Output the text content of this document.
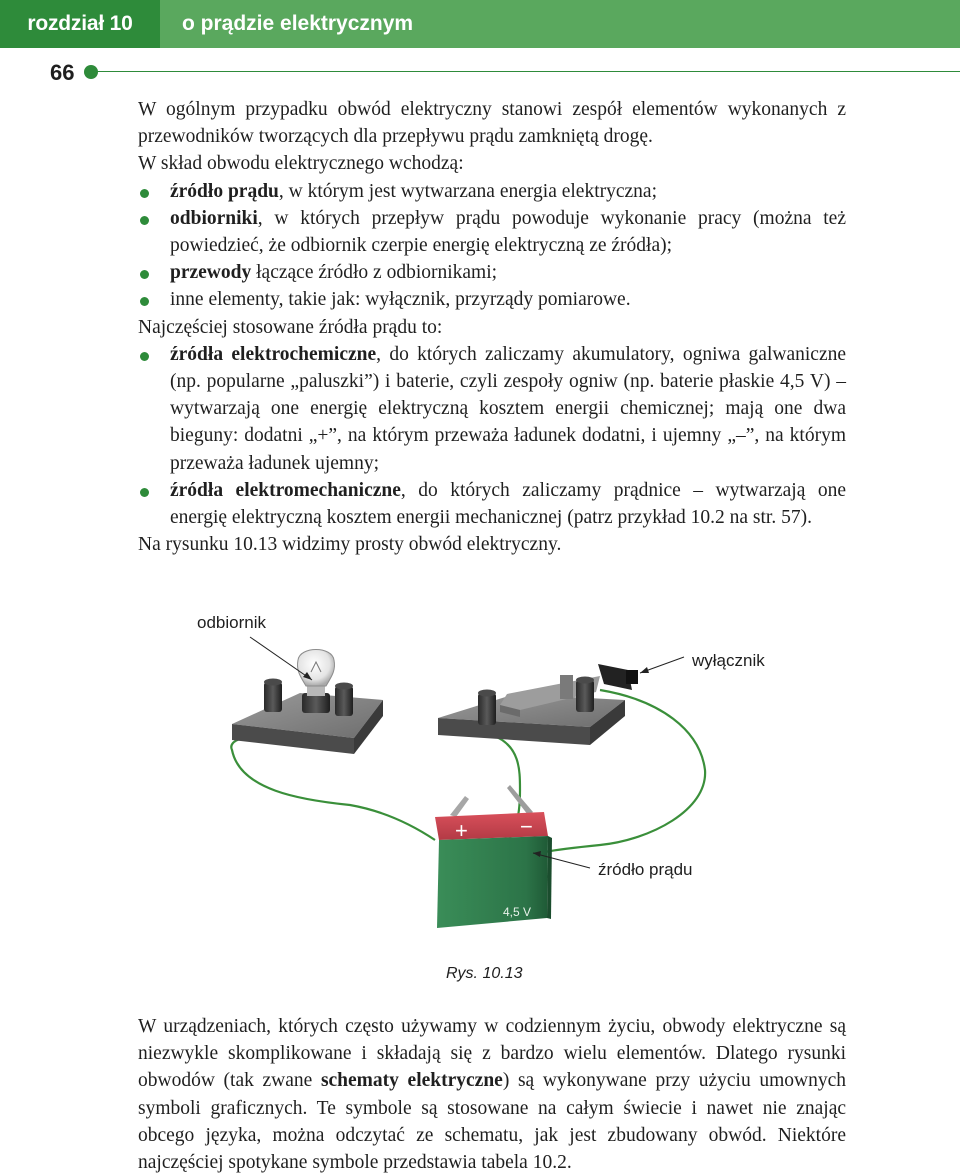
rozdział 10	o prądzie elektrycznym
66

W ogólnym przypadku obwód elektryczny stanowi zespół elementów wykonanych z przewodników tworzących dla przepływu prądu zamkniętą drogę.

W skład obwodu elektrycznego wchodzą:

źródło prądu, w którym jest wytwarzana energia elektryczna;
odbiorniki, w których przepływ prądu powoduje wykonanie pracy (można też powiedzieć, że odbiornik czerpie energię elektryczną ze źródła);
przewody łączące źródło z odbiornikami;
inne elementy, takie jak: wyłącznik, przyrządy pomiarowe.

Najczęściej stosowane źródła prądu to:

źródła elektrochemiczne, do których zaliczamy akumulatory, ogniwa galwaniczne (np. popularne „paluszki”) i baterie, czyli zespoły ogniw (np. baterie płaskie 4,5 V) – wytwarzają one energię elektryczną kosztem energii chemicznej; mają one dwa bieguny: dodatni „+”, na którym przeważa ładunek dodatni, i ujemny „–”, na którym przeważa ładunek ujemny;
źródła elektromechaniczne, do których zaliczamy prądnice – wytwarzają one energię elektryczną kosztem energii mechanicznej (patrz przykład 10.2 na str. 57).

Na rysunku 10.13 widzimy prosty obwód elektryczny.

+ −
4,5 V
odbiornik
wyłącznik
źródło prądu
Rys. 10.13

W urządzeniach, których często używamy w codziennym życiu, obwody elektryczne są niezwykle skomplikowane i składają się z bardzo wielu elementów. Dlatego rysunki obwodów (tak zwane schematy elektryczne) są wykonywane przy użyciu umownych symboli graficznych. Te symbole są stosowane na całym świecie i nawet nie znając obcego języka, można odczytać ze schematu, jak jest zbudowany obwód. Niektóre najczęściej spotykane symbole przedstawia tabela 10.2.
